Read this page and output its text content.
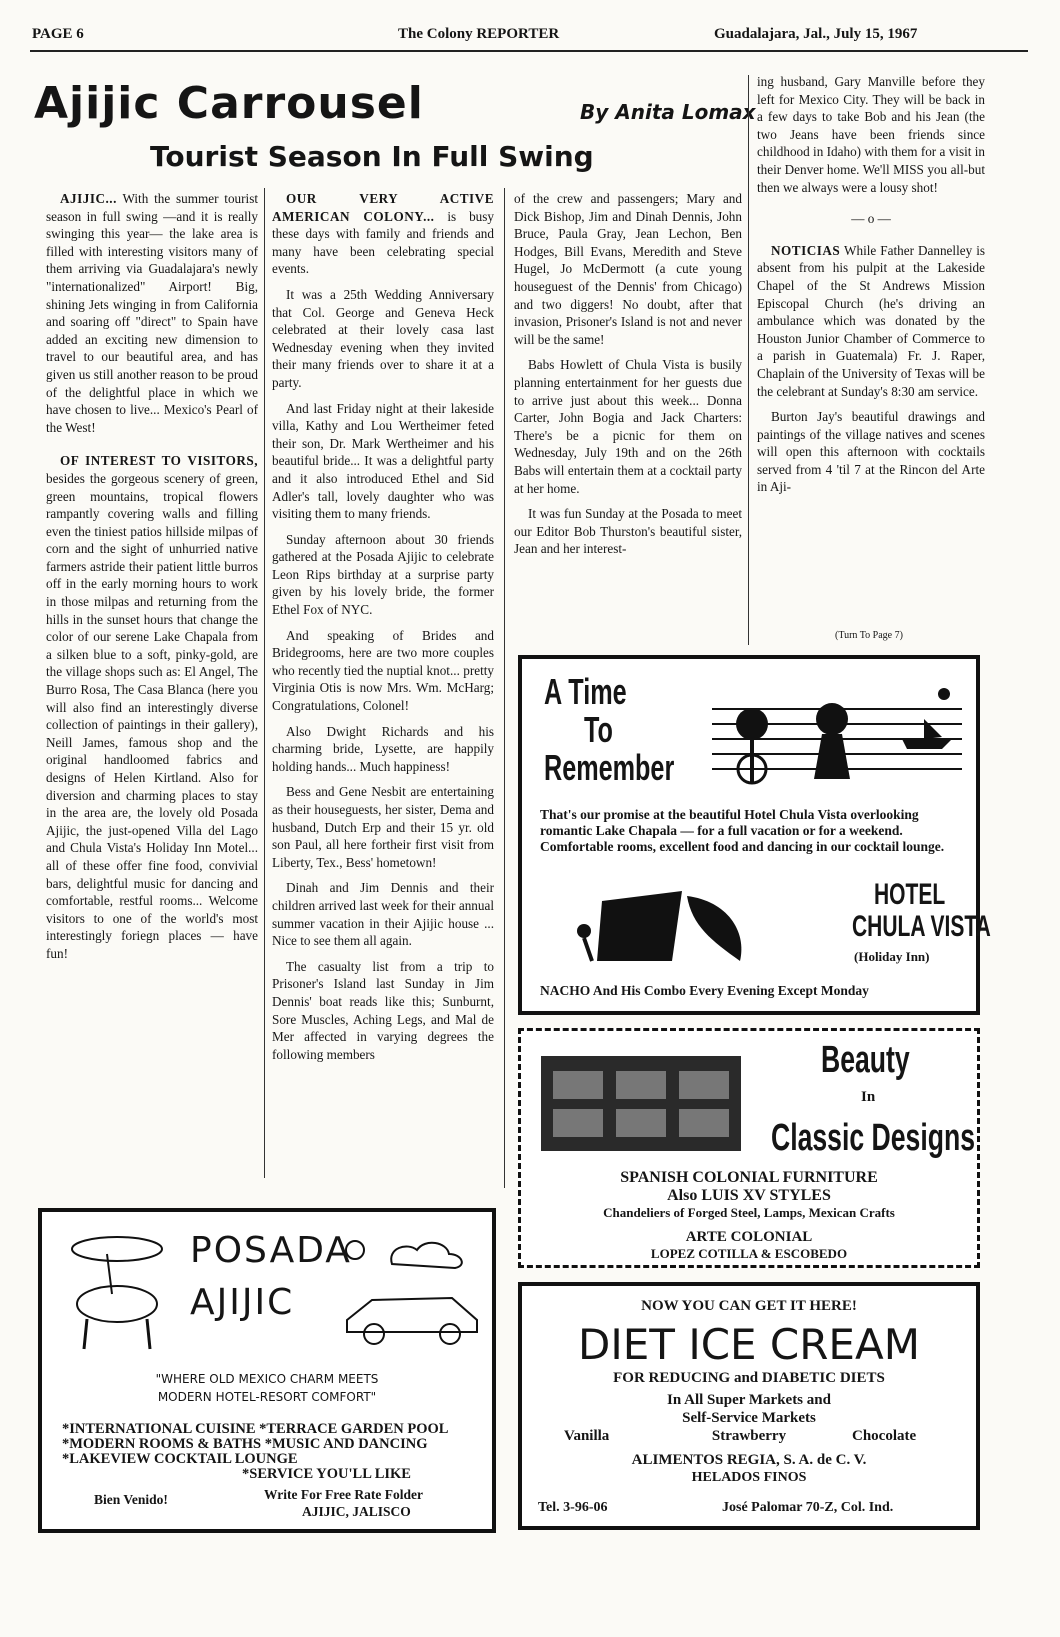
PAGE 6	The Colony REPORTER	Guadalajara, Jal., July 15, 1967
Ajijic Carrousel	By Anita Lomax
Tourist Season In Full Swing

AJIJIC... With the summer tourist season in full swing —and it is really swinging this year— the lake area is filled with interesting visitors many of them arriving via Guadalajara's newly "internationalized" Airport! Big, shining Jets winging in from California and soaring off "direct" to Spain have added an exciting new dimension to travel to our beautiful area, and has given us still another reason to be proud of the delightful place in which we have chosen to live... Mexico's Pearl of the West!

OF INTEREST TO VISITORS, besides the gorgeous scenery of green, green mountains, tropical flowers rampantly covering walls and filling even the tiniest patios hillside milpas of corn and the sight of unhurried native farmers astride their patient little burros off in the early morning hours to work in those milpas and returning from the hills in the sunset hours that change the color of our serene Lake Chapala from a silken blue to a soft, pinky-gold, are the village shops such as: El Angel, The Burro Rosa, The Casa Blanca (here you will also find an interestingly diverse collection of paintings in their gallery), Neill James, famous shop and the original handloomed fabrics and designs of Helen Kirtland. Also for diversion and charming places to stay in the area are, the lovely old Posada Ajijic, the just-opened Villa del Lago and Chula Vista's Holiday Inn Motel... all of these offer fine food, convivial bars, delightful music for dancing and comfortable, restful rooms... Welcome visitors to one of the world's most interestingly foriegn places — have fun!

OUR VERY ACTIVE AMERICAN COLONY... is busy these days with family and friends and many have been celebrating special events.

It was a 25th Wedding Anniversary that Col. George and Geneva Heck celebrated at their lovely casa last Wednesday evening when they invited their many friends over to share it at a party.

And last Friday night at their lakeside villa, Kathy and Lou Wertheimer feted their son, Dr. Mark Wertheimer and his beautiful bride... It was a delightful party and it also introduced Ethel and Sid Adler's tall, lovely daughter who was visiting them to many friends.

Sunday afternoon about 30 friends gathered at the Posada Ajijic to celebrate Leon Rips birthday at a surprise party given by his lovely bride, the former Ethel Fox of NYC.

And speaking of Brides and Bridegrooms, here are two more couples who recently tied the nuptial knot... pretty Virginia Otis is now Mrs. Wm. McHarg; Congratulations, Colonel!

Also Dwight Richards and his charming bride, Lysette, are happily holding hands... Much happiness!

Bess and Gene Nesbit are entertaining as their houseguests, her sister, Dema and husband, Dutch Erp and their 15 yr. old son Paul, all here fortheir first visit from Liberty, Tex., Bess' hometown!

Dinah and Jim Dennis and their children arrived last week for their annual summer vacation in their Ajijic house ... Nice to see them all again.

The casualty list from a trip to Prisoner's Island last Sunday in Jim Dennis' boat reads like this; Sunburnt, Sore Muscles, Aching Legs, and Mal de Mer affected in varying degrees the following members

of the crew and passengers; Mary and Dick Bishop, Jim and Dinah Dennis, John Bruce, Paula Gray, Jean Lechon, Ben Hodges, Bill Evans, Meredith and Steve Hugel, Jo McDermott (a cute young houseguest of the Dennis' from Chicago) and two diggers! No doubt, after that invasion, Prisoner's Island is not and never will be the same!

Babs Howlett of Chula Vista is busily planning entertainment for her guests due to arrive just about this week... Donna Carter, John Bogia and Jack Charters: There's be a picnic for them on Wednesday, July 19th and on the 26th Babs will entertain them at a cocktail party at her home.

It was fun Sunday at the Posada to meet our Editor Bob Thurston's beautiful sister, Jean and her interest-

ing husband, Gary Manville before they left for Mexico City. They will be back in a few days to take Bob and his Jean (the two Jeans have been friends since childhood in Idaho) with them for a visit in their Denver home. We'll MISS you all-but then we always were a lousy shot!

— o —

NOTICIAS While Father Dannelley is absent from his pulpit at the Lakeside Chapel of the St Andrews Mission Episcopal Church (he's driving an ambulance which was donated by the Houston Junior Chamber of Commerce to a parish in Guatemala) Fr. J. Raper, Chaplain of the University of Texas will be the celebrant at Sunday's 8:30 am service.

Burton Jay's beautiful drawings and paintings of the village natives and scenes will open this afternoon with cocktails served from 4 'til 7 at the Rincon del Arte in Aji-

(Turn To Page 7)
A Time
To
Remember
That's our promise at the beautiful Hotel Chula Vista overlooking romantic Lake Chapala — for a full vacation or for a weekend. Comfortable rooms, excellent food and dancing in our cocktail lounge.
HOTEL
CHULA VISTA
(Holiday Inn)
NACHO And His Combo Every Evening Except Monday
Beauty
In
Classic Designs
SPANISH COLONIAL FURNITURE
Also LUIS XV STYLES
Chandeliers of Forged Steel, Lamps, Mexican Crafts
ARTE COLONIAL
LOPEZ COTILLA & ESCOBEDO
NOW YOU CAN GET IT HERE!
DIET ICE CREAM
FOR REDUCING and DIABETIC DIETS
In All Super Markets and
Self-Service Markets
Vanilla	Strawberry	Chocolate
ALIMENTOS REGIA, S. A. de C. V.
HELADOS FINOS
Tel. 3-96-06	José Palomar 70-Z, Col. Ind.
POSADA
AJIJIC
"WHERE OLD MEXICO CHARM MEETS
MODERN HOTEL-RESORT COMFORT"
*INTERNATIONAL CUISINE *TERRACE GARDEN POOL
*MODERN ROOMS & BATHS *MUSIC AND DANCING
*LAKEVIEW COCKTAIL LOUNGE
*SERVICE YOU'LL LIKE
Bien Venido!	Write For Free Rate Folder
AJIJIC, JALISCO
